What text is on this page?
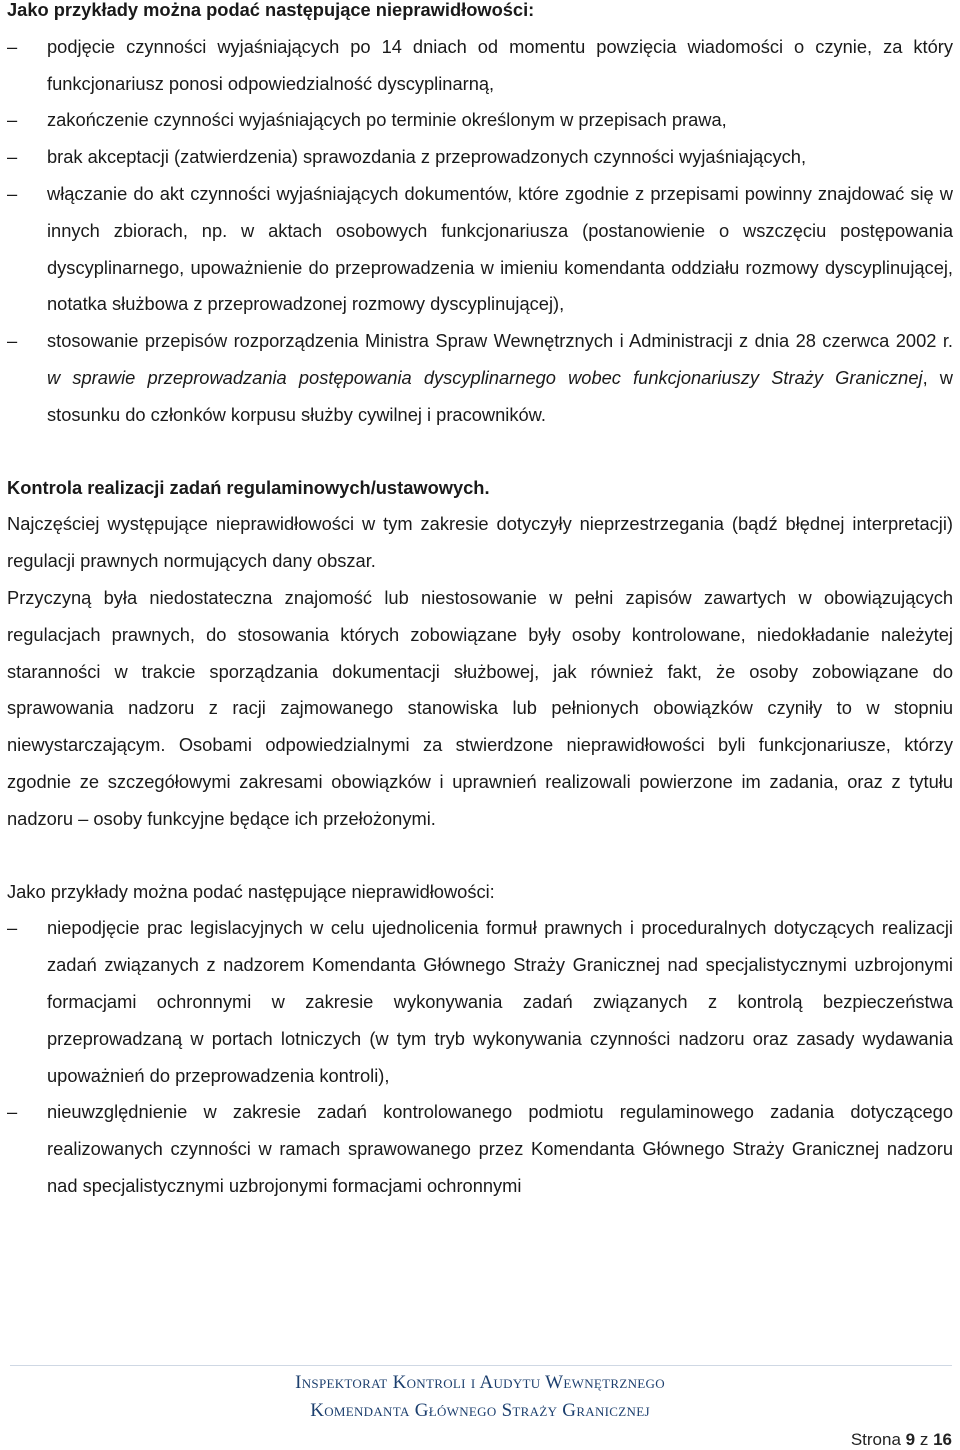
Jako przykłady można podać następujące nieprawidłowości:

–	podjęcie czynności wyjaśniających po 14 dniach od momentu powzięcia wiadomości o czynie, za który funkcjonariusz ponosi odpowiedzialność dyscyplinarną,
–	zakończenie czynności wyjaśniających po terminie określonym w przepisach prawa,
–	brak akceptacji (zatwierdzenia) sprawozdania z przeprowadzonych czynności wyjaśniających,
–	włączanie do akt czynności wyjaśniających dokumentów, które zgodnie z przepisami powinny znajdować się w innych zbiorach, np. w aktach osobowych funkcjonariusza (postanowienie o wszczęciu postępowania dyscyplinarnego, upoważnienie do przeprowadzenia w imieniu komendanta oddziału rozmowy dyscyplinującej, notatka służbowa z przeprowadzonej rozmowy dyscyplinującej),
–	stosowanie przepisów rozporządzenia Ministra Spraw Wewnętrznych i Administracji z dnia 28 czerwca 2002 r. w sprawie przeprowadzania postępowania dyscyplinarnego wobec funkcjonariuszy Straży Granicznej, w stosunku do członków korpusu służby cywilnej i pracowników.

Kontrola realizacji zadań regulaminowych/ustawowych.

Najczęściej występujące nieprawidłowości w tym zakresie dotyczyły nieprzestrzegania (bądź błędnej interpretacji) regulacji prawnych normujących dany obszar.

Przyczyną była niedostateczna znajomość lub niestosowanie w pełni zapisów zawartych w obowiązujących regulacjach prawnych, do stosowania których zobowiązane były osoby kontrolowane, niedokładanie należytej staranności w trakcie sporządzania dokumentacji służbowej, jak również fakt, że osoby zobowiązane do sprawowania nadzoru z racji zajmowanego stanowiska lub pełnionych obowiązków czyniły to w stopniu niewystarczającym. Osobami odpowiedzialnymi za stwierdzone nieprawidłowości byli funkcjonariusze, którzy zgodnie ze szczegółowymi zakresami obowiązków i uprawnień realizowali powierzone im zadania, oraz z tytułu nadzoru – osoby funkcyjne będące ich przełożonymi.

Jako przykłady można podać następujące nieprawidłowości:

–	niepodjęcie prac legislacyjnych w celu ujednolicenia formuł prawnych i proceduralnych dotyczących realizacji zadań związanych z nadzorem Komendanta Głównego Straży Granicznej nad specjalistycznymi uzbrojonymi formacjami ochronnymi w zakresie wykonywania zadań związanych z kontrolą bezpieczeństwa przeprowadzaną w portach lotniczych (w tym tryb wykonywania czynności nadzoru oraz zasady wydawania upoważnień do przeprowadzenia kontroli),
–	nieuwzględnienie w zakresie zadań kontrolowanego podmiotu regulaminowego zadania dotyczącego realizowanych czynności w ramach sprawowanego przez Komendanta Głównego Straży Granicznej nadzoru nad specjalistycznymi uzbrojonymi formacjami ochronnymi
Inspektorat Kontroli i Audytu Wewnętrznego
Komendanta Głównego Straży Granicznej
Strona 9 z 16
